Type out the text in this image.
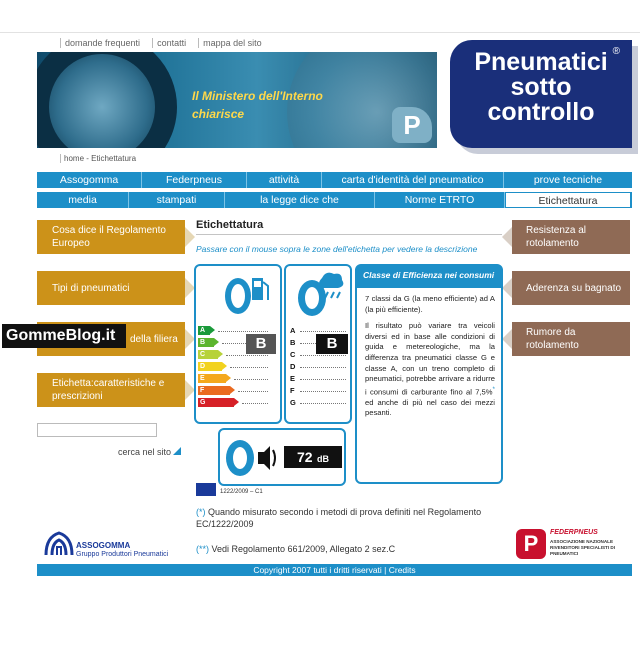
domande frequenti	contatti	mappa del sito
P
Il Ministero dell'Interno
chiarisce
Pneumatici ®
sotto
controllo
home - Etichettatura
Assogomma	Federpneus	attività	carta d'identità del pneumatico	prove tecniche
media	stampati	la legge dice che	Norme ETRTO	Etichettatura
Cosa dice il Regolamento Europeo
Tipi di pneumatici
della filiera
Etichetta:caratteristiche e prescrizioni
GommeBlog.it
cerca nel sito
Resistenza al rotolamento
Aderenza su bagnato
Rumore da rotolamento
Etichettatura
Passare con il mouse sopra le zone dell'etichetta per vedere la descrizione
A
B
C
D
E
F
G
B
A
B
C
D
E
F
G
B
72 dB
1222/2009 – C1
Classe di Efficienza nei consumi

7 classi da G (la meno efficiente) ad A (la più efficiente).

Il risultato può variare tra veicoli diversi ed in base alle condizioni di guida e metereologiche, ma la differenza tra pneumatici classe G e classe A, con un treno completo di pneumatici, potrebbe arrivare a ridurre i consumi di carburante fino al 7,5%* ed anche di più nel caso dei mezzi pesanti.

(*) Quando misurato secondo i metodi di prova definiti nel Regolamento EC/1222/2009
(**) Vedi Regolamento 661/2009, Allegato 2 sez.C
ASSOGOMMA
Gruppo Produttori Pneumatici	P	FEDERPNEUS
ASSOCIAZIONE NAZIONALE RIVENDITORI SPECIALISTI DI PNEUMATICI
Copyright 2007 tutti i dritti riservati | Credits
